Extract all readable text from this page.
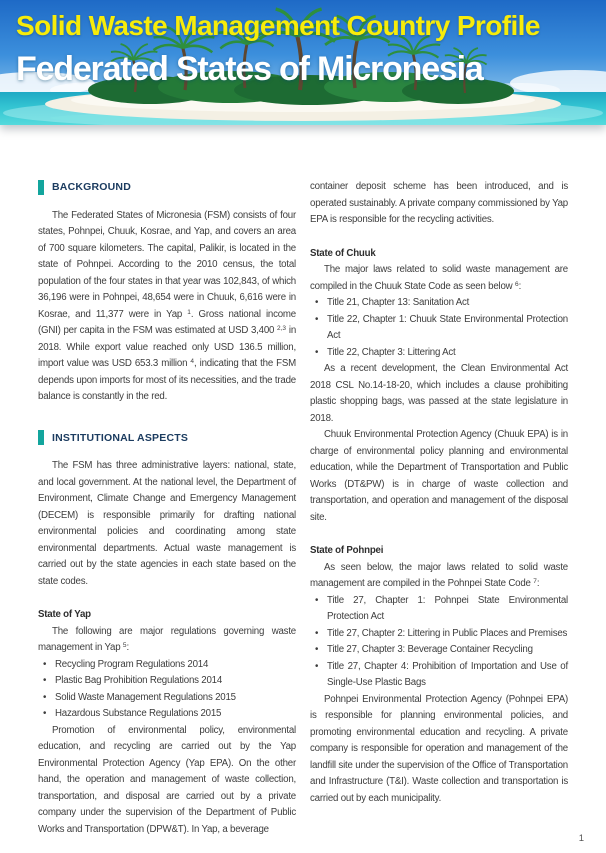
Solid Waste Management Country Profile
Federated States of Micronesia
BACKGROUND

The Federated States of Micronesia (FSM) consists of four states, Pohnpei, Chuuk, Kosrae, and Yap, and covers an area of 700 square kilometers. The capital, Palikir, is located in the state of Pohnpei. According to the 2010 census, the total population of the four states in that year was 102,843, of which 36,196 were in Pohnpei, 48,654 were in Chuuk, 6,616 were in Kosrae, and 11,377 were in Yap $^1$. Gross national income (GNI) per capita in the FSM was estimated at USD 3,400 $^{2,3}$ in 2018. While export value reached only USD 136.5 million, import value was USD 653.3 million $^4$, indicating that the FSM depends upon imports for most of its necessities, and the trade balance is constantly in the red.

INSTITUTIONAL ASPECTS

The FSM has three administrative layers: national, state, and local government. At the national level, the Department of Environment, Climate Change and Emergency Management (DECEM) is responsible primarily for drafting national environmental policies and coordinating among state environmental departments. Actual waste management is carried out by the state agencies in each state based on the state codes.

State of Yap

The following are major regulations governing waste management in Yap $^5$:

• Recycling Program Regulations 2014
• Plastic Bag Prohibition Regulations 2014
• Solid Waste Management Regulations 2015
• Hazardous Substance Regulations 2015

Promotion of environmental policy, environmental education, and recycling are carried out by the Yap Environmental Protection Agency (Yap EPA). On the other hand, the operation and management of waste collection, transportation, and disposal are carried out by a private company under the supervision of the Department of Public Works and Transportation (DPW&T). In Yap, a beverage

container deposit scheme has been introduced, and is operated sustainably. A private company commissioned by Yap EPA is responsible for the recycling activities.

State of Chuuk

The major laws related to solid waste management are compiled in the Chuuk State Code as seen below $^6$:

• Title 21, Chapter 13: Sanitation Act
• Title 22, Chapter 1: Chuuk State Environmental Protection Act
• Title 22, Chapter 3: Littering Act

As a recent development, the Clean Environmental Act 2018 CSL No.14-18-20, which includes a clause prohibiting plastic shopping bags, was passed at the state legislature in 2018.

Chuuk Environmental Protection Agency (Chuuk EPA) is in charge of environmental policy planning and environmental education, while the Department of Transportation and Public Works (DT&PW) is in charge of waste collection and transportation, and operation and management of the disposal site.

State of Pohnpei

As seen below, the major laws related to solid waste management are compiled in the Pohnpei State Code $^7$:

• Title 27, Chapter 1: Pohnpei State Environmental Protection Act
• Title 27, Chapter 2: Littering in Public Places and Premises
• Title 27, Chapter 3: Beverage Container Recycling
• Title 27, Chapter 4: Prohibition of Importation and Use of Single-Use Plastic Bags

Pohnpei Environmental Protection Agency (Pohnpei EPA) is responsible for planning environmental policies, and promoting environmental education and recycling. A private company is responsible for operation and management of the landfill site under the supervision of the Office of Transportation and Infrastructure (T&I). Waste collection and transportation is carried out by each municipality.

1
